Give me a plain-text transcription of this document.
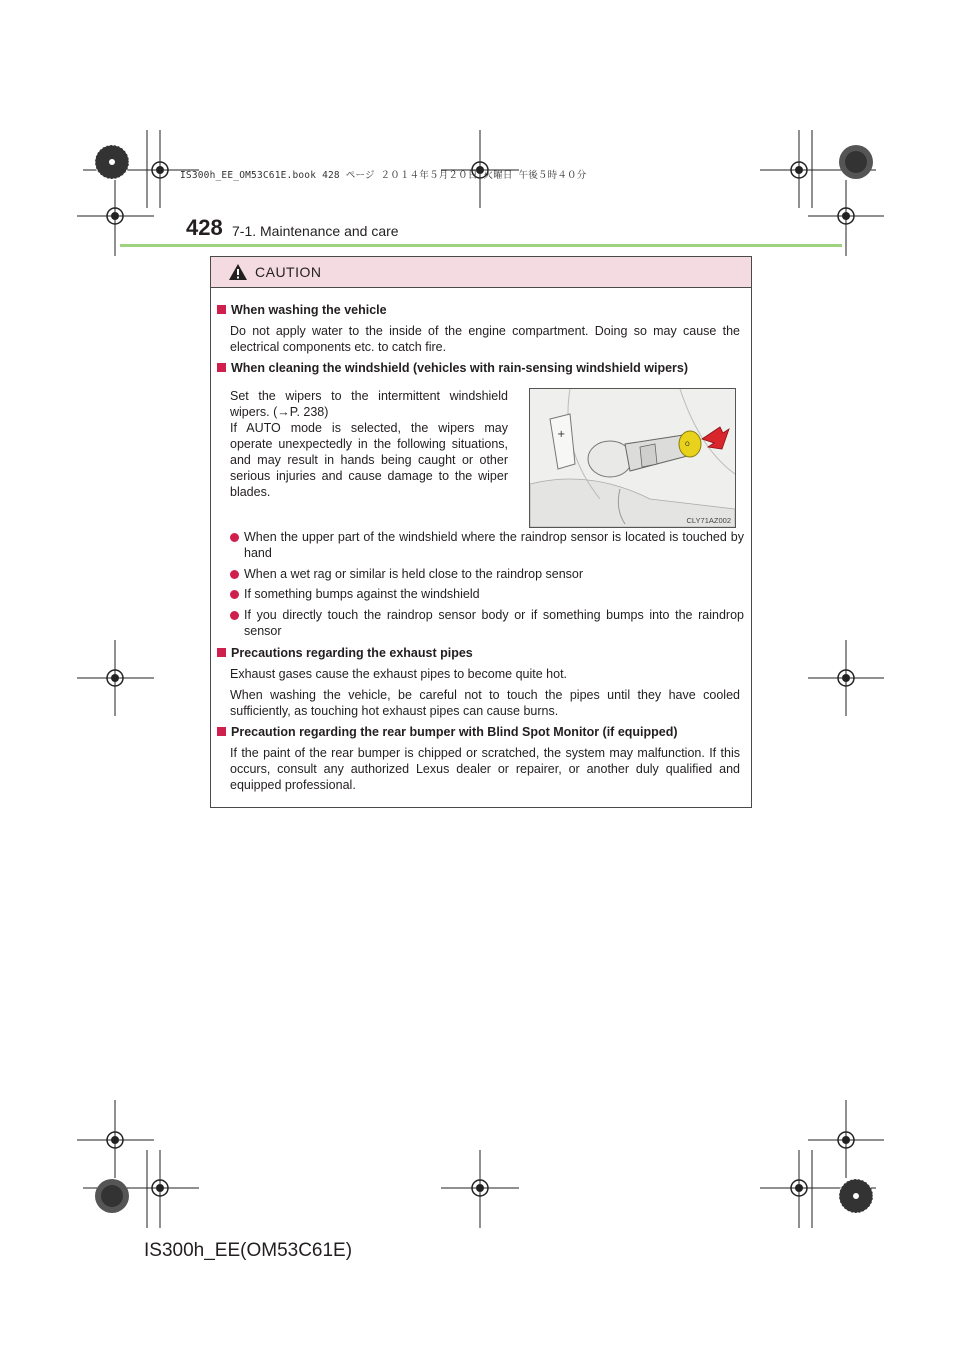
IS300h_EE_OM53C61E.book 428 ページ ２０１４年５月２０日 火曜日 午後５時４０分
428 7-1. Maintenance and care
CAUTION
When washing the vehicle
Do not apply water to the inside of the engine compartment. Doing so may cause the electrical components etc. to catch fire.
When cleaning the windshield (vehicles with rain-sensing windshield wipers)
Set the wipers to the intermittent windshield wipers. (→P. 238)
If AUTO mode is selected, the wipers may operate unexpectedly in the following situations, and may result in hands being caught or other serious injuries and cause damage to the wiper blades.
+
O
CLY71AZ002
When the upper part of the windshield where the raindrop sensor is located is touched by hand
When a wet rag or similar is held close to the raindrop sensor
If something bumps against the windshield
If you directly touch the raindrop sensor body or if something bumps into the raindrop sensor
Precautions regarding the exhaust pipes
Exhaust gases cause the exhaust pipes to become quite hot.
When washing the vehicle, be careful not to touch the pipes until they have cooled sufficiently, as touching hot exhaust pipes can cause burns.
Precaution regarding the rear bumper with Blind Spot Monitor (if equipped)
If the paint of the rear bumper is chipped or scratched, the system may malfunction. If this occurs, consult any authorized Lexus dealer or repairer, or another duly qualified and equipped professional.
IS300h_EE(OM53C61E)
